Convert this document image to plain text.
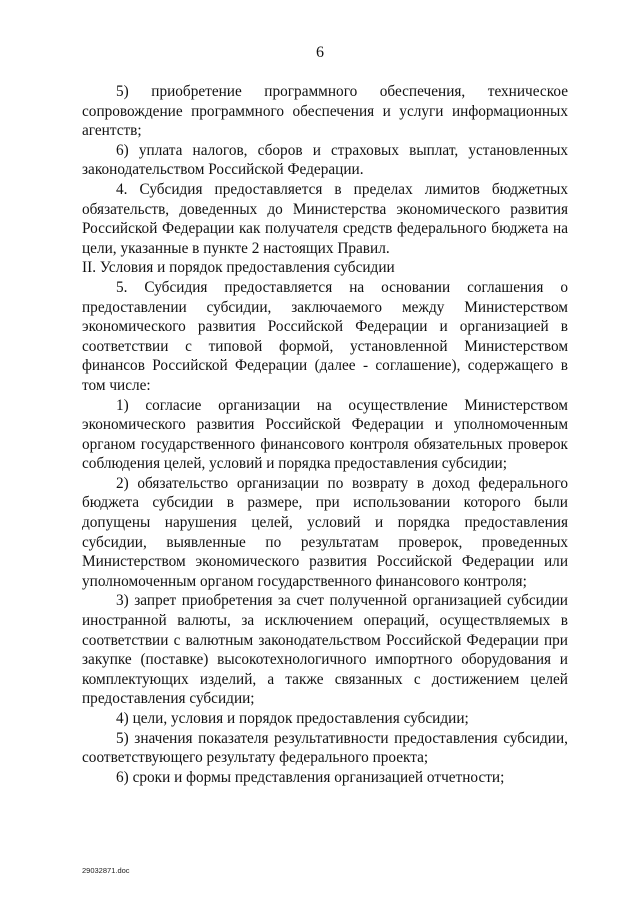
6

5) приобретение программного обеспечения, техническое сопровождение программного обеспечения и услуги информационных агентств;

6) уплата налогов, сборов и страховых выплат, установленных законодательством Российской Федерации.

4. Субсидия предоставляется в пределах лимитов бюджетных обязательств, доведенных до Министерства экономического развития Российской Федерации как получателя средств федерального бюджета на цели, указанные в пункте 2 настоящих Правил.

II. Условия и порядок предоставления субсидии

5. Субсидия предоставляется на основании соглашения о предоставлении субсидии, заключаемого между Министерством экономического развития Российской Федерации и организацией в соответствии с типовой формой, установленной Министерством финансов Российской Федерации (далее - соглашение), содержащего в том числе:

1) согласие организации на осуществление Министерством экономического развития Российской Федерации и уполномоченным органом государственного финансового контроля обязательных проверок соблюдения целей, условий и порядка предоставления субсидии;

2) обязательство организации по возврату в доход федерального бюджета субсидии в размере, при использовании которого были допущены нарушения целей, условий и порядка предоставления субсидии, выявленные по результатам проверок, проведенных Министерством экономического развития Российской Федерации или уполномоченным органом государственного финансового контроля;

3) запрет приобретения за счет полученной организацией субсидии иностранной валюты, за исключением операций, осуществляемых в соответствии с валютным законодательством Российской Федерации при закупке (поставке) высокотехнологичного импортного оборудования и комплектующих изделий, а также связанных с достижением целей предоставления субсидии;

4) цели, условия и порядок предоставления субсидии;

5) значения показателя результативности предоставления субсидии, соответствующего результату федерального проекта;

6) сроки и формы представления организацией отчетности;

29032871.doc
